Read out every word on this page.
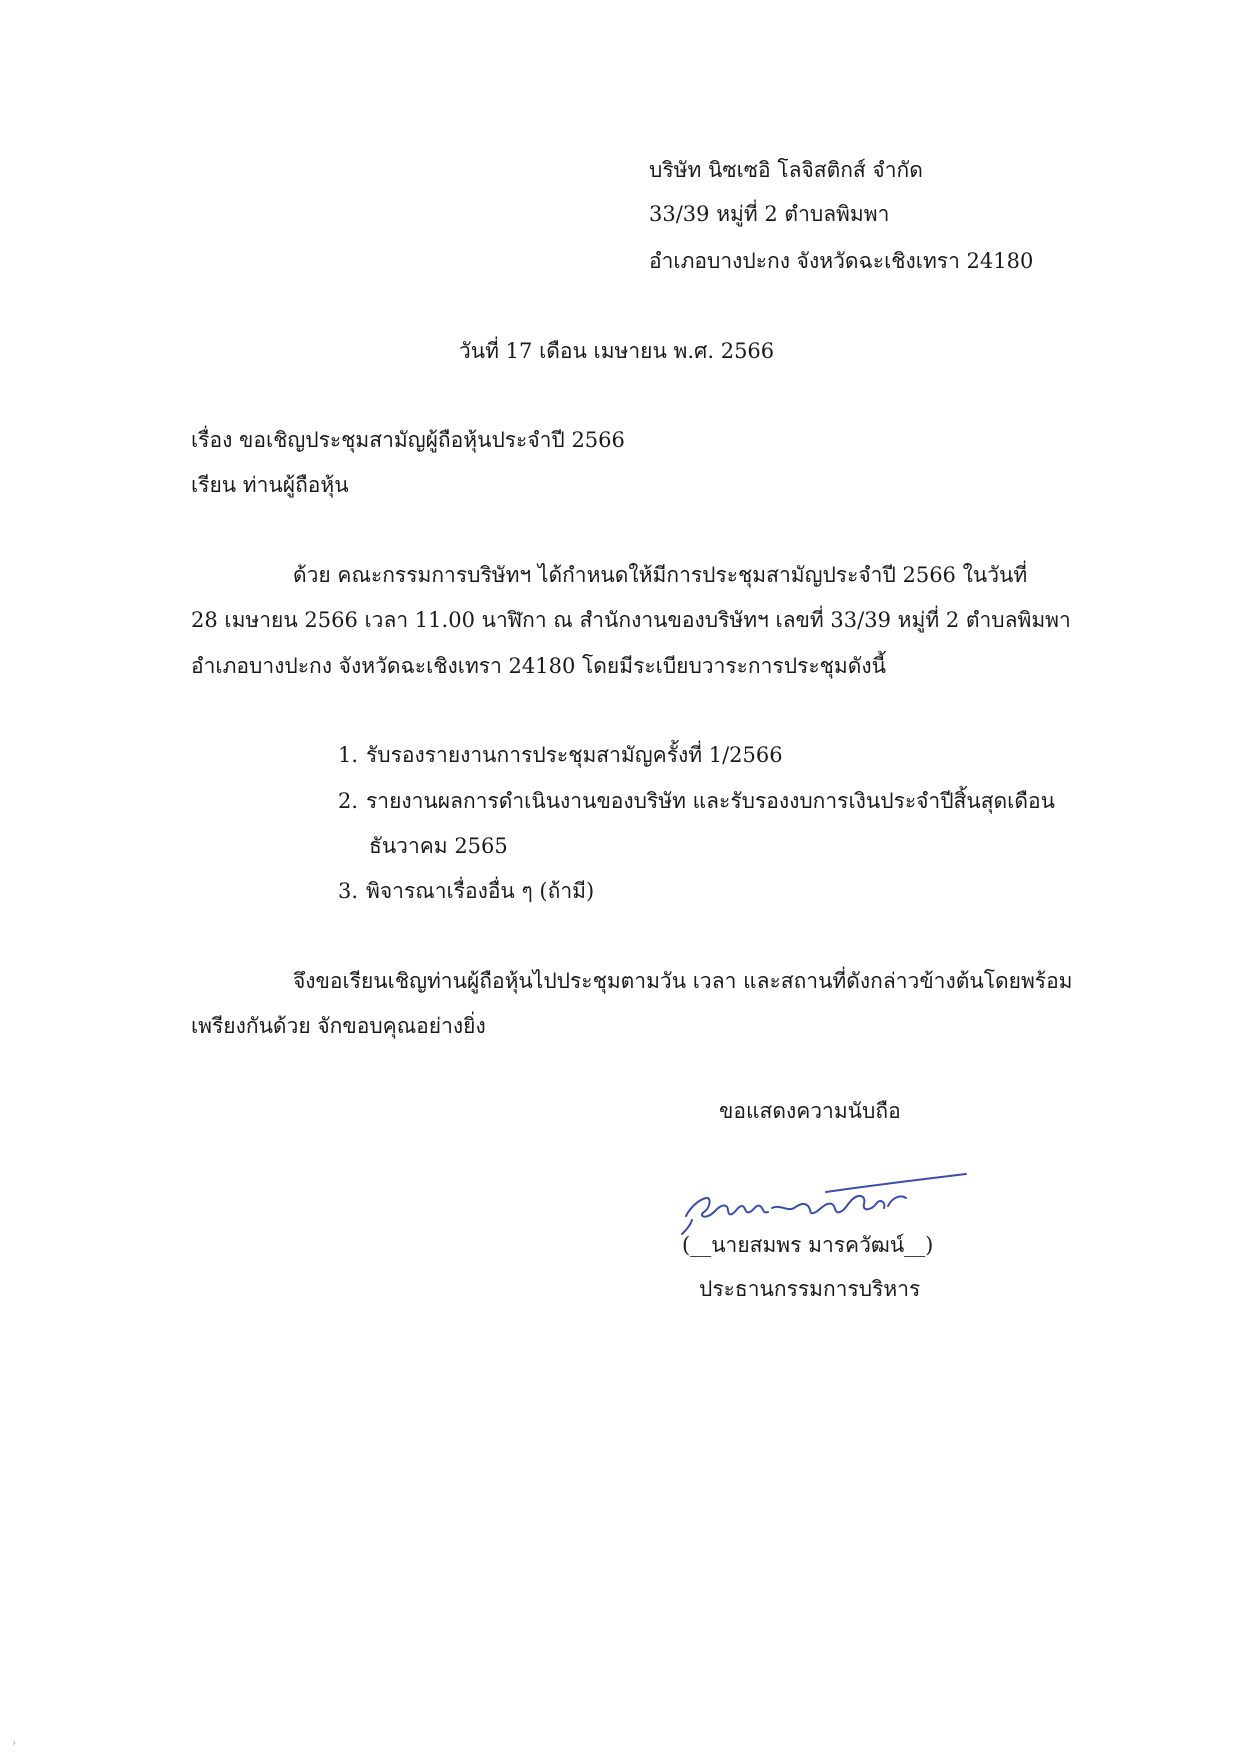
บริษัท นิซเซอิ โลจิสติกส์ จำกัด
33/39 หมู่ที่ 2 ตำบลพิมพา
อำเภอบางปะกง จังหวัดฉะเชิงเทรา 24180
วันที่ 17 เดือน เมษายน พ.ศ. 2566
เรื่อง ขอเชิญประชุมสามัญผู้ถือหุ้นประจำปี 2566
เรียน ท่านผู้ถือหุ้น
ด้วย คณะกรรมการบริษัทฯ ได้กำหนดให้มีการประชุมสามัญประจำปี 2566 ในวันที่
28 เมษายน 2566 เวลา 11.00 นาฬิกา ณ สำนักงานของบริษัทฯ เลขที่ 33/39 หมู่ที่ 2 ตำบลพิมพา
อำเภอบางปะกง จังหวัดฉะเชิงเทรา 24180 โดยมีระเบียบวาระการประชุมดังนี้
1. รับรองรายงานการประชุมสามัญครั้งที่ 1/2566
2. รายงานผลการดำเนินงานของบริษัท และรับรองงบการเงินประจำปีสิ้นสุดเดือน
ธันวาคม 2565
3. พิจารณาเรื่องอื่น ๆ (ถ้ามี)
จึงขอเรียนเชิญท่านผู้ถือหุ้นไปประชุมตามวัน เวลา และสถานที่ดังกล่าวข้างต้นโดยพร้อม
เพรียงกันด้วย จักขอบคุณอย่างยิ่ง
ขอแสดงความนับถือ
(__นายสมพร มารควัฒน์__)
ประธานกรรมการบริหาร
›
